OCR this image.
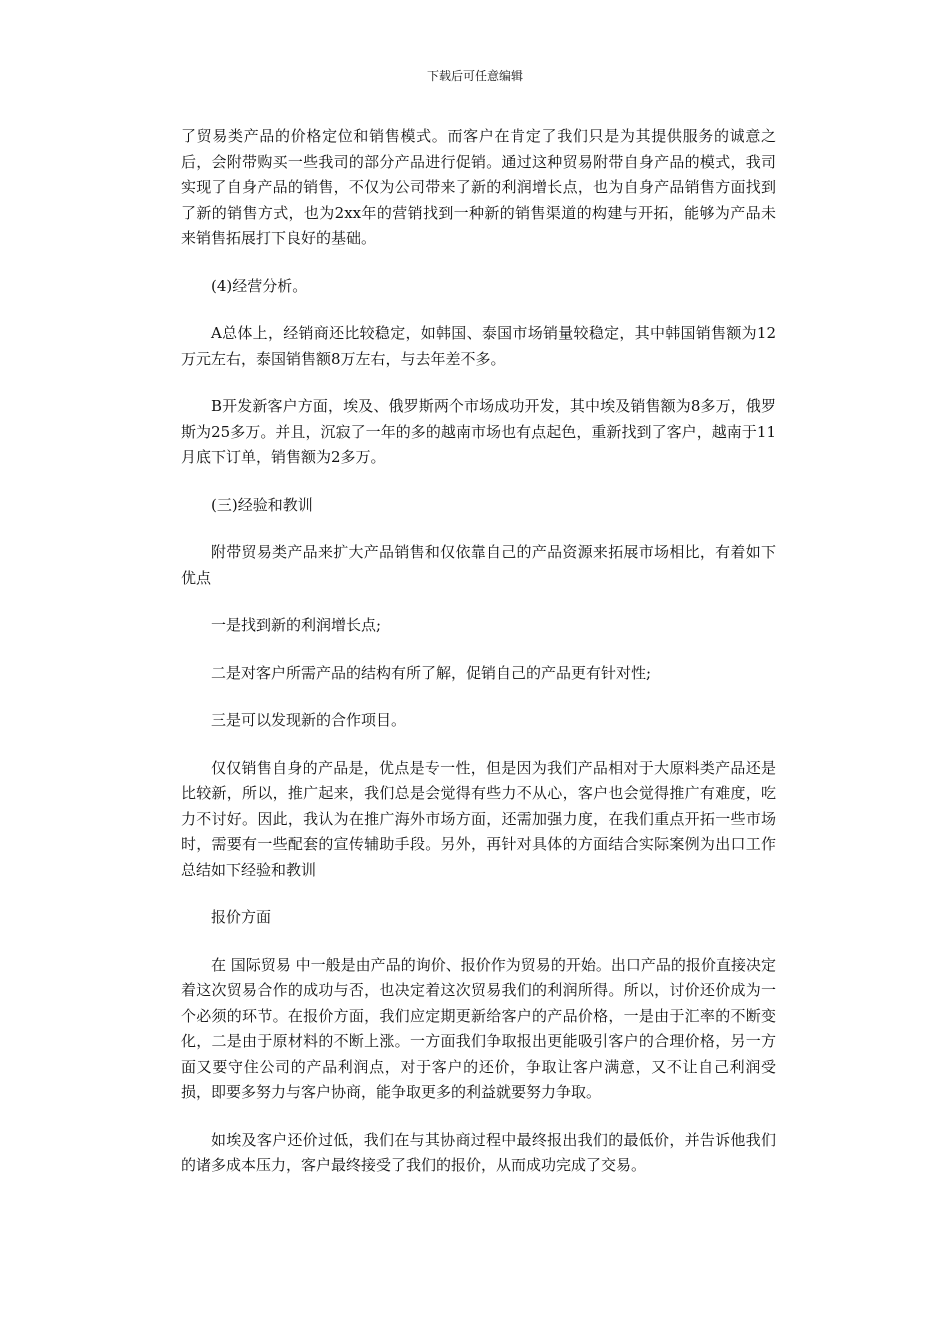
下载后可任意编辑

了贸易类产品的价格定位和销售模式。而客户在肯定了我们只是为其提供服务的诚意之后，会附带购买一些我司的部分产品进行促销。通过这种贸易附带自身产品的模式，我司实现了自身产品的销售，不仅为公司带来了新的利润增长点，也为自身产品销售方面找到了新的销售方式，也为2xx年的营销找到一种新的销售渠道的构建与开拓，能够为产品未来销售拓展打下良好的基础。

(4)经营分析。

A总体上，经销商还比较稳定，如韩国、泰国市场销量较稳定，其中韩国销售额为12万元左右，泰国销售额8万左右，与去年差不多。

B开发新客户方面，埃及、俄罗斯两个市场成功开发，其中埃及销售额为8多万，俄罗斯为25多万。并且，沉寂了一年的多的越南市场也有点起色，重新找到了客户，越南于11月底下订单，销售额为2多万。

(三)经验和教训

附带贸易类产品来扩大产品销售和仅依靠自己的产品资源来拓展市场相比，有着如下优点

一是找到新的利润增长点;

二是对客户所需产品的结构有所了解，促销自己的产品更有针对性;

三是可以发现新的合作项目。

仅仅销售自身的产品是，优点是专一性，但是因为我们产品相对于大原料类产品还是比较新，所以，推广起来，我们总是会觉得有些力不从心，客户也会觉得推广有难度，吃力不讨好。因此，我认为在推广海外市场方面，还需加强力度，在我们重点开拓一些市场时，需要有一些配套的宣传辅助手段。另外，再针对具体的方面结合实际案例为出口工作总结如下经验和教训

报价方面

在 国际贸易 中一般是由产品的询价、报价作为贸易的开始。出口产品的报价直接决定着这次贸易合作的成功与否，也决定着这次贸易我们的利润所得。所以，讨价还价成为一个必须的环节。在报价方面，我们应定期更新给客户的产品价格，一是由于汇率的不断变化，二是由于原材料的不断上涨。一方面我们争取报出更能吸引客户的合理价格，另一方面又要守住公司的产品利润点，对于客户的还价，争取让客户满意，又不让自己利润受损，即要多努力与客户协商，能争取更多的利益就要努力争取。

如埃及客户还价过低，我们在与其协商过程中最终报出我们的最低价，并告诉他我们的诸多成本压力，客户最终接受了我们的报价，从而成功完成了交易。
